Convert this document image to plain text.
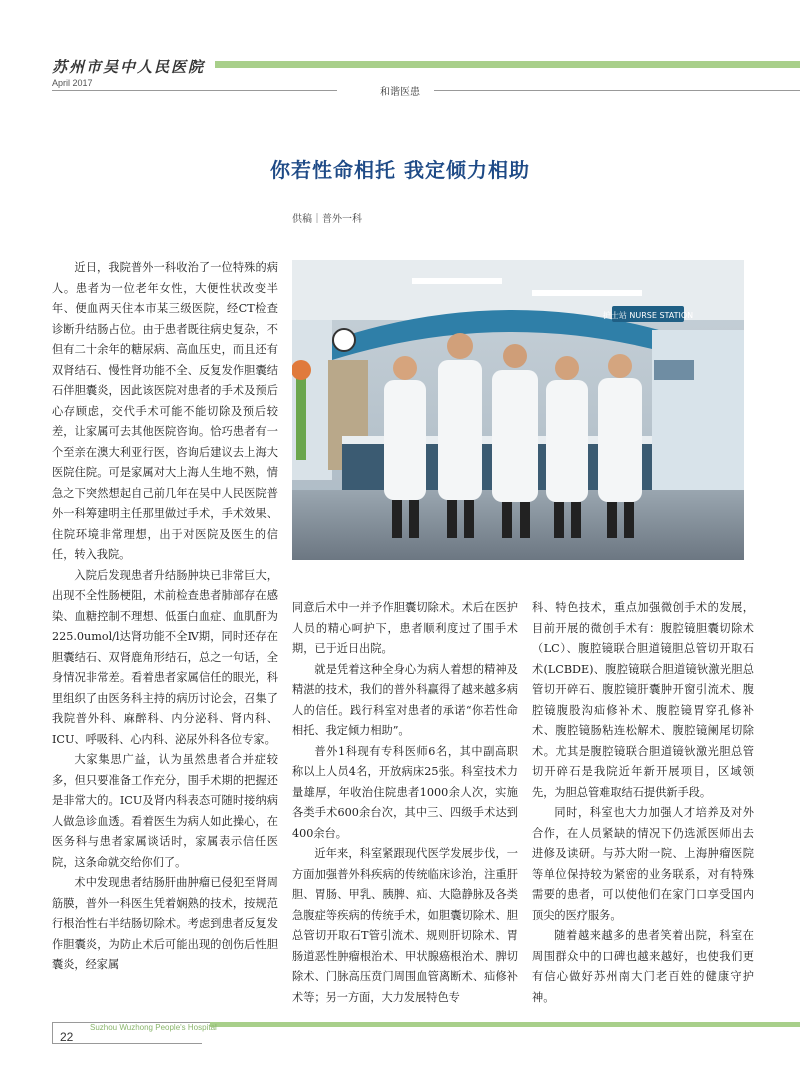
苏州市吴中人民医院
April 2017
和谐医患
你若性命相托 我定倾力相助
供稿｜普外一科
护士站 NURSE STATION

近日，我院普外一科收治了一位特殊的病人。患者为一位老年女性，大便性状改变半年、便血两天住本市某三级医院，经CT检查诊断升结肠占位。由于患者既往病史复杂，不但有二十余年的糖尿病、高血压史，而且还有双肾结石、慢性肾功能不全、反复发作胆囊结石伴胆囊炎，因此该医院对患者的手术及预后心存顾虑，交代手术可能不能切除及预后较差，让家属可去其他医院咨询。恰巧患者有一个至亲在澳大利亚行医，咨询后建议去上海大医院住院。可是家属对大上海人生地不熟，情急之下突然想起自己前几年在吴中人民医院普外一科筹建明主任那里做过手术，手术效果、住院环境非常理想，出于对医院及医生的信任，转入我院。

入院后发现患者升结肠肿块已非常巨大，出现不全性肠梗阻，术前检查患者肺部存在感染、血糖控制不理想、低蛋白血症、血肌酐为225.0umol/l达肾功能不全Ⅳ期，同时还存在胆囊结石、双肾鹿角形结石，总之一句话，全身情况非常差。看着患者家属信任的眼光，科里组织了由医务科主持的病历讨论会，召集了我院普外科、麻醉科、内分泌科、肾内科、ICU、呼吸科、心内科、泌尿外科各位专家。

大家集思广益，认为虽然患者合并症较多，但只要准备工作充分，围手术期的把握还是非常大的。ICU及肾内科表态可随时接纳病人做急诊血透。看着医生为病人如此操心，在医务科与患者家属谈话时，家属表示信任医院，这条命就交给你们了。

术中发现患者结肠肝曲肿瘤已侵犯至肾周筋膜，普外一科医生凭着娴熟的技术，按规范行根治性右半结肠切除术。考虑到患者反复发作胆囊炎，为防止术后可能出现的创伤后性胆囊炎，经家属

同意后术中一并予作胆囊切除术。术后在医护人员的精心呵护下，患者顺利度过了围手术期，已于近日出院。

就是凭着这种全身心为病人着想的精神及精湛的技术，我们的普外科赢得了越来越多病人的信任。践行科室对患者的承诺“你若性命相托、我定倾力相助”。

普外1科现有专科医师6名，其中副高职称以上人员4名，开放病床25张。科室技术力量雄厚，年收治住院患者1000余人次，实施各类手术600余台次，其中三、四级手术达到400余台。

近年来，科室紧跟现代医学发展步伐，一方面加强普外科疾病的传统临床诊治，注重肝胆、胃肠、甲乳、胰脾、疝、大隐静脉及各类急腹症等疾病的传统手术，如胆囊切除术、胆总管切开取石T管引流术、规则肝切除术、胃肠道恶性肿瘤根治术、甲状腺癌根治术、脾切除术、门脉高压贲门周围血管离断术、疝修补术等；另一方面，大力发展特色专

科、特色技术，重点加强微创手术的发展，目前开展的微创手术有：腹腔镜胆囊切除术（LC）、腹腔镜联合胆道镜胆总管切开取石术(LCBDE)、腹腔镜联合胆道镜钬激光胆总管切开碎石、腹腔镜肝囊肿开窗引流术、腹腔镜腹股沟疝修补术、腹腔镜胃穿孔修补术、腹腔镜肠粘连松解术、腹腔镜阑尾切除术。尤其是腹腔镜联合胆道镜钬激光胆总管切开碎石是我院近年新开展项目，区域领先，为胆总管难取结石提供新手段。

同时，科室也大力加强人才培养及对外合作，在人员紧缺的情况下仍选派医师出去进修及读研。与苏大附一院、上海肿瘤医院等单位保持较为紧密的业务联系，对有特殊需要的患者，可以使他们在家门口享受国内顶尖的医疗服务。

随着越来越多的患者笑着出院，科室在周围群众中的口碑也越来越好，也使我们更有信心做好苏州南大门老百姓的健康守护神。

Suzhou Wuzhong People's Hospital
22
